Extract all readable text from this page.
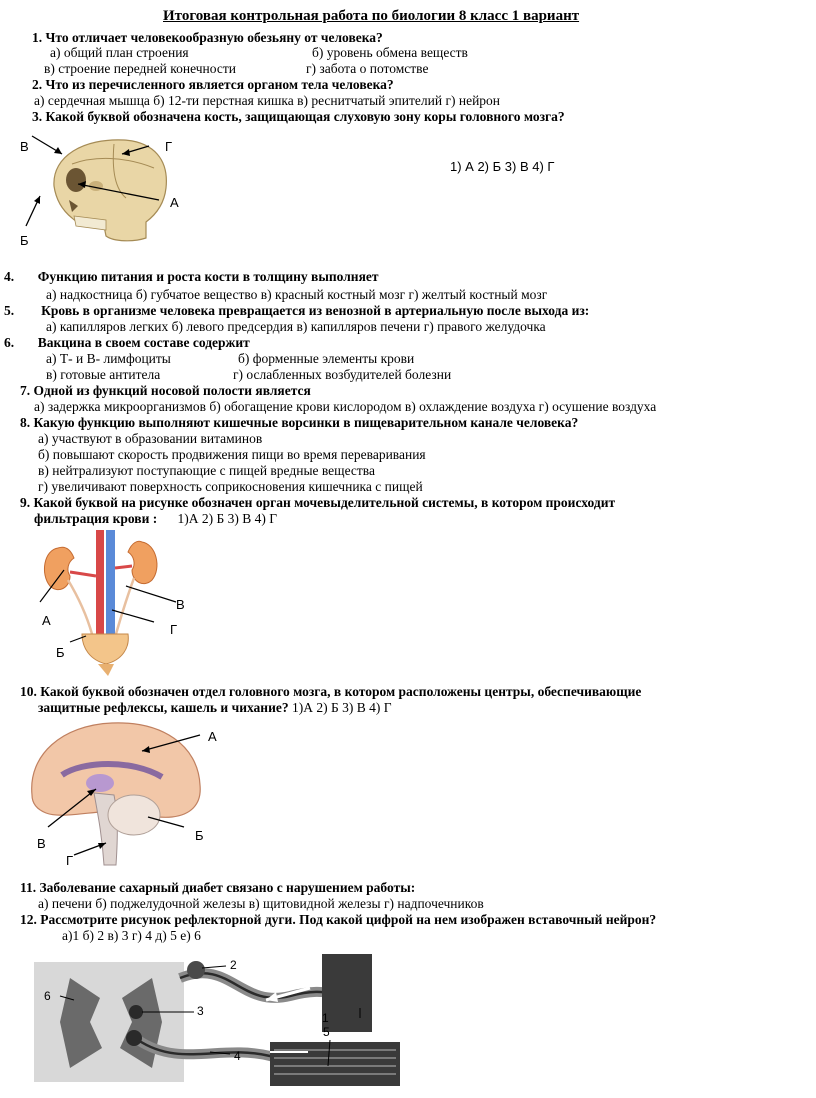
Итоговая контрольная работа по биологии 8 класс 1 вариант
1. Что отличает человекообразную обезьяну от человека?
а) общий план строения	б) уровень обмена веществ
в) строение передней конечности	г) забота о потомстве
2. Что из перечисленного является органом тела человека?
а) сердечная мышца б) 12-ти перстная кишка в) реснитчатый эпителий г) нейрон
3. Какой буквой обозначена кость, защищающая слуховую зону коры головного мозга?
1) А 2) Б 3) В 4) Г
В	Г
А
Б
4. Функцию питания и роста кости в толщину выполняет
а) надкостница б) губчатое вещество в) красный костный мозг г) желтый костный мозг
5. Кровь в организме человека превращается из венозной в артериальную после выхода из:
а) капилляров легких б) левого предсердия в) капилляров печени г) правого желудочка
6. Вакцина в своем составе содержит
а) Т- и В- лимфоциты	б) форменные элементы крови
в) готовые антитела	г) ослабленных возбудителей болезни
7. Одной из функций носовой полости является
а) задержка микроорганизмов б) обогащение крови кислородом в) охлаждение воздуха г) осушение воздуха
8. Какую функцию выполняют кишечные ворсинки в пищеварительном канале человека?
а) участвуют в образовании витаминов
б) повышают скорость продвижения пищи во время переваривания
в) нейтрализуют поступающие с пищей вредные вещества
г) увеличивают поверхность соприкосновения кишечника с пищей
9. Какой буквой на рисунке обозначен орган мочевыделительной системы, в котором происходит
фильтрация крови : 1)А 2) Б 3) В 4) Г
А
В
Г
Б
10. Какой буквой обозначен отдел головного мозга, в котором расположены центры, обеспечивающие
защитные рефлексы, кашель и чихание? 1)А 2) Б 3) В 4) Г
А
Б
В
Г
11. Заболевание сахарный диабет связано с нарушением работы:
а) печени б) поджелудочной железы в) щитовидной железы г) надпочечников
12. Рассмотрите рисунок рефлекторной дуги. Под какой цифрой на нем изображен вставочный нейрон?
а)1 б) 2 в) 3 г) 4 д) 5 е) 6
1
2
3
4
5
6
